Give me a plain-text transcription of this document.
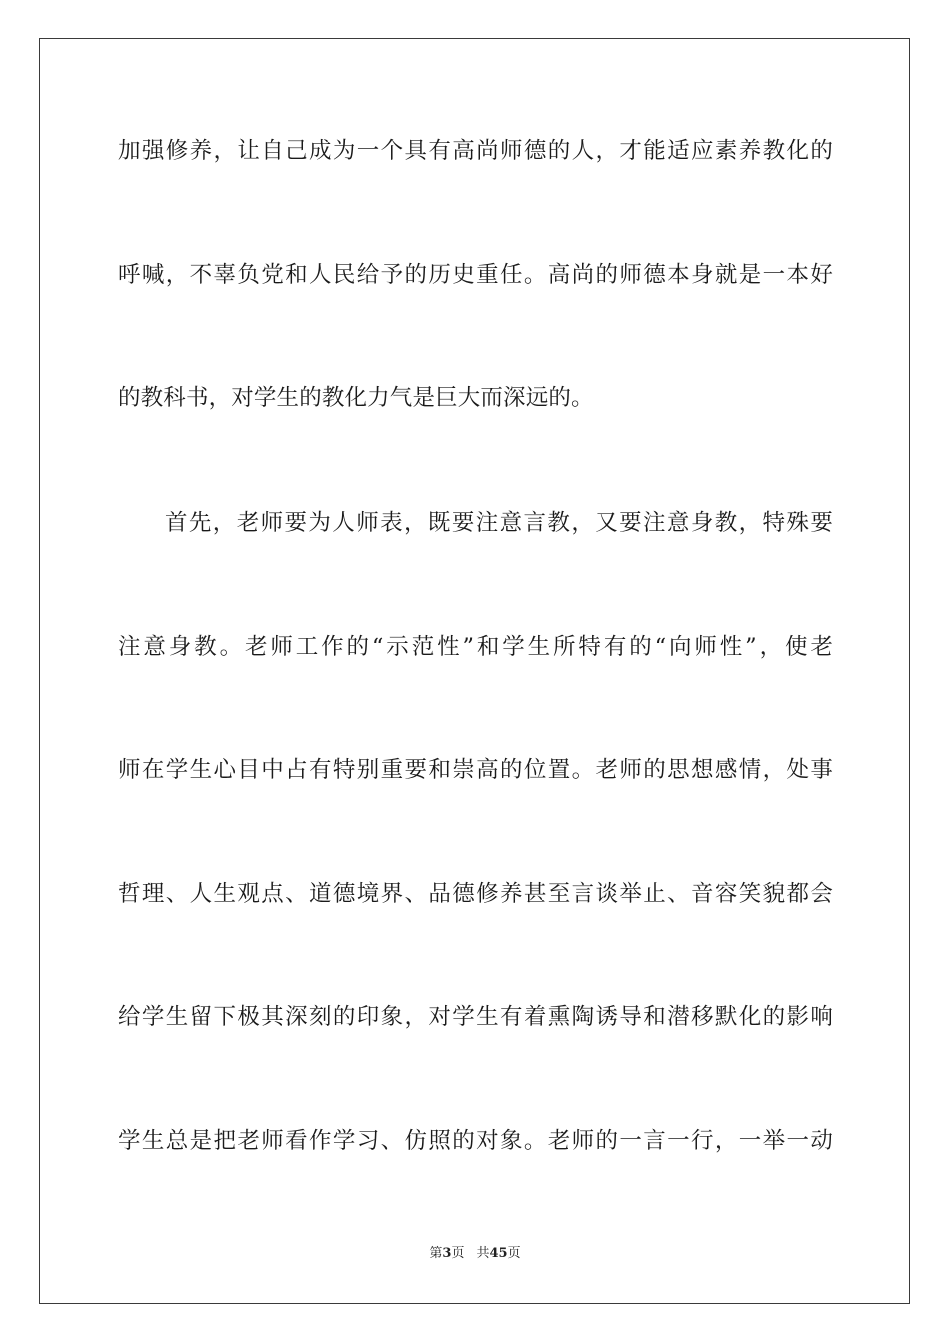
加强修养，让自己成为一个具有高尚师德的人，才能适应素养教化的
呼喊，不辜负党和人民给予的历史重任。高尚的师德本身就是一本好
的教科书，对学生的教化力气是巨大而深远的。
首先，老师要为人师表，既要注意言教，又要注意身教，特殊要
注意身教。老师工作的“示范性”和学生所特有的“向师性”，使老
师在学生心目中占有特别重要和崇高的位置。老师的思想感情，处事
哲理、人生观点、道德境界、品德修养甚至言谈举止、音容笑貌都会
给学生留下极其深刻的印象，对学生有着熏陶诱导和潜移默化的影响
学生总是把老师看作学习、仿照的对象。老师的一言一行，一举一动
第3页 共45页
